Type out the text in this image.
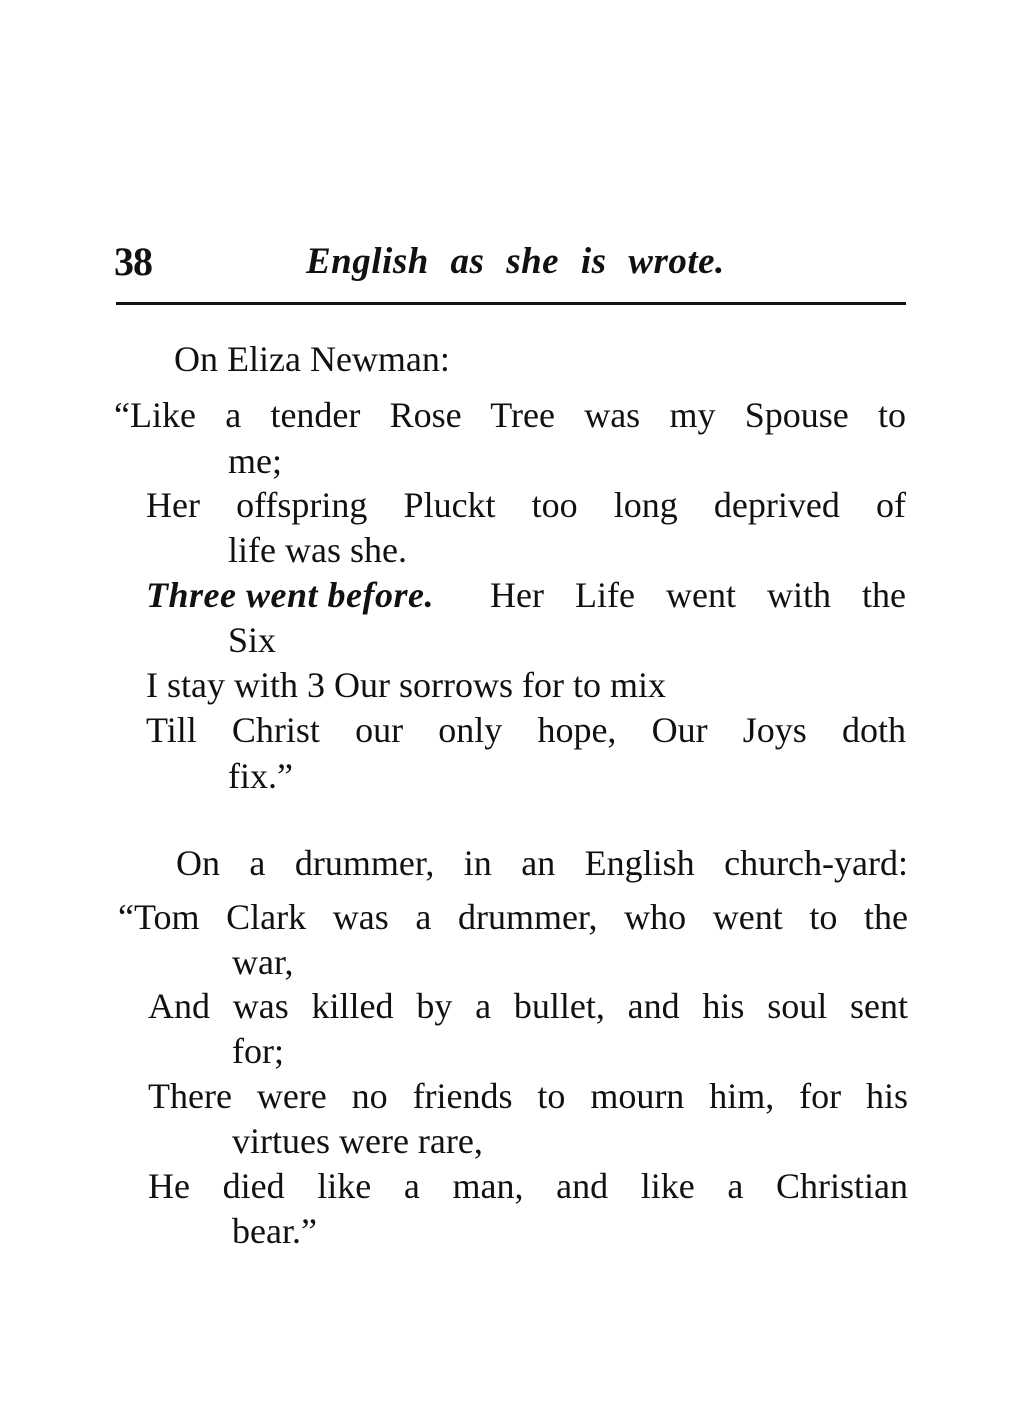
38	English as she is wrote.
On Eliza Newman:
“Like a tender Rose Tree was my Spouse to
me;
Her offspring Pluckt too long deprived of
life was she.
Three went before. Her Life went with the
Six
I stay with 3 Our sorrows for to mix
Till Christ our only hope, Our Joys doth
fix.”
On a drummer, in an English church-yard:
“Tom Clark was a drummer, who went to the
war,
And was killed by a bullet, and his soul sent
for;
There were no friends to mourn him, for his
virtues were rare,
He died like a man, and like a Christian
bear.”
